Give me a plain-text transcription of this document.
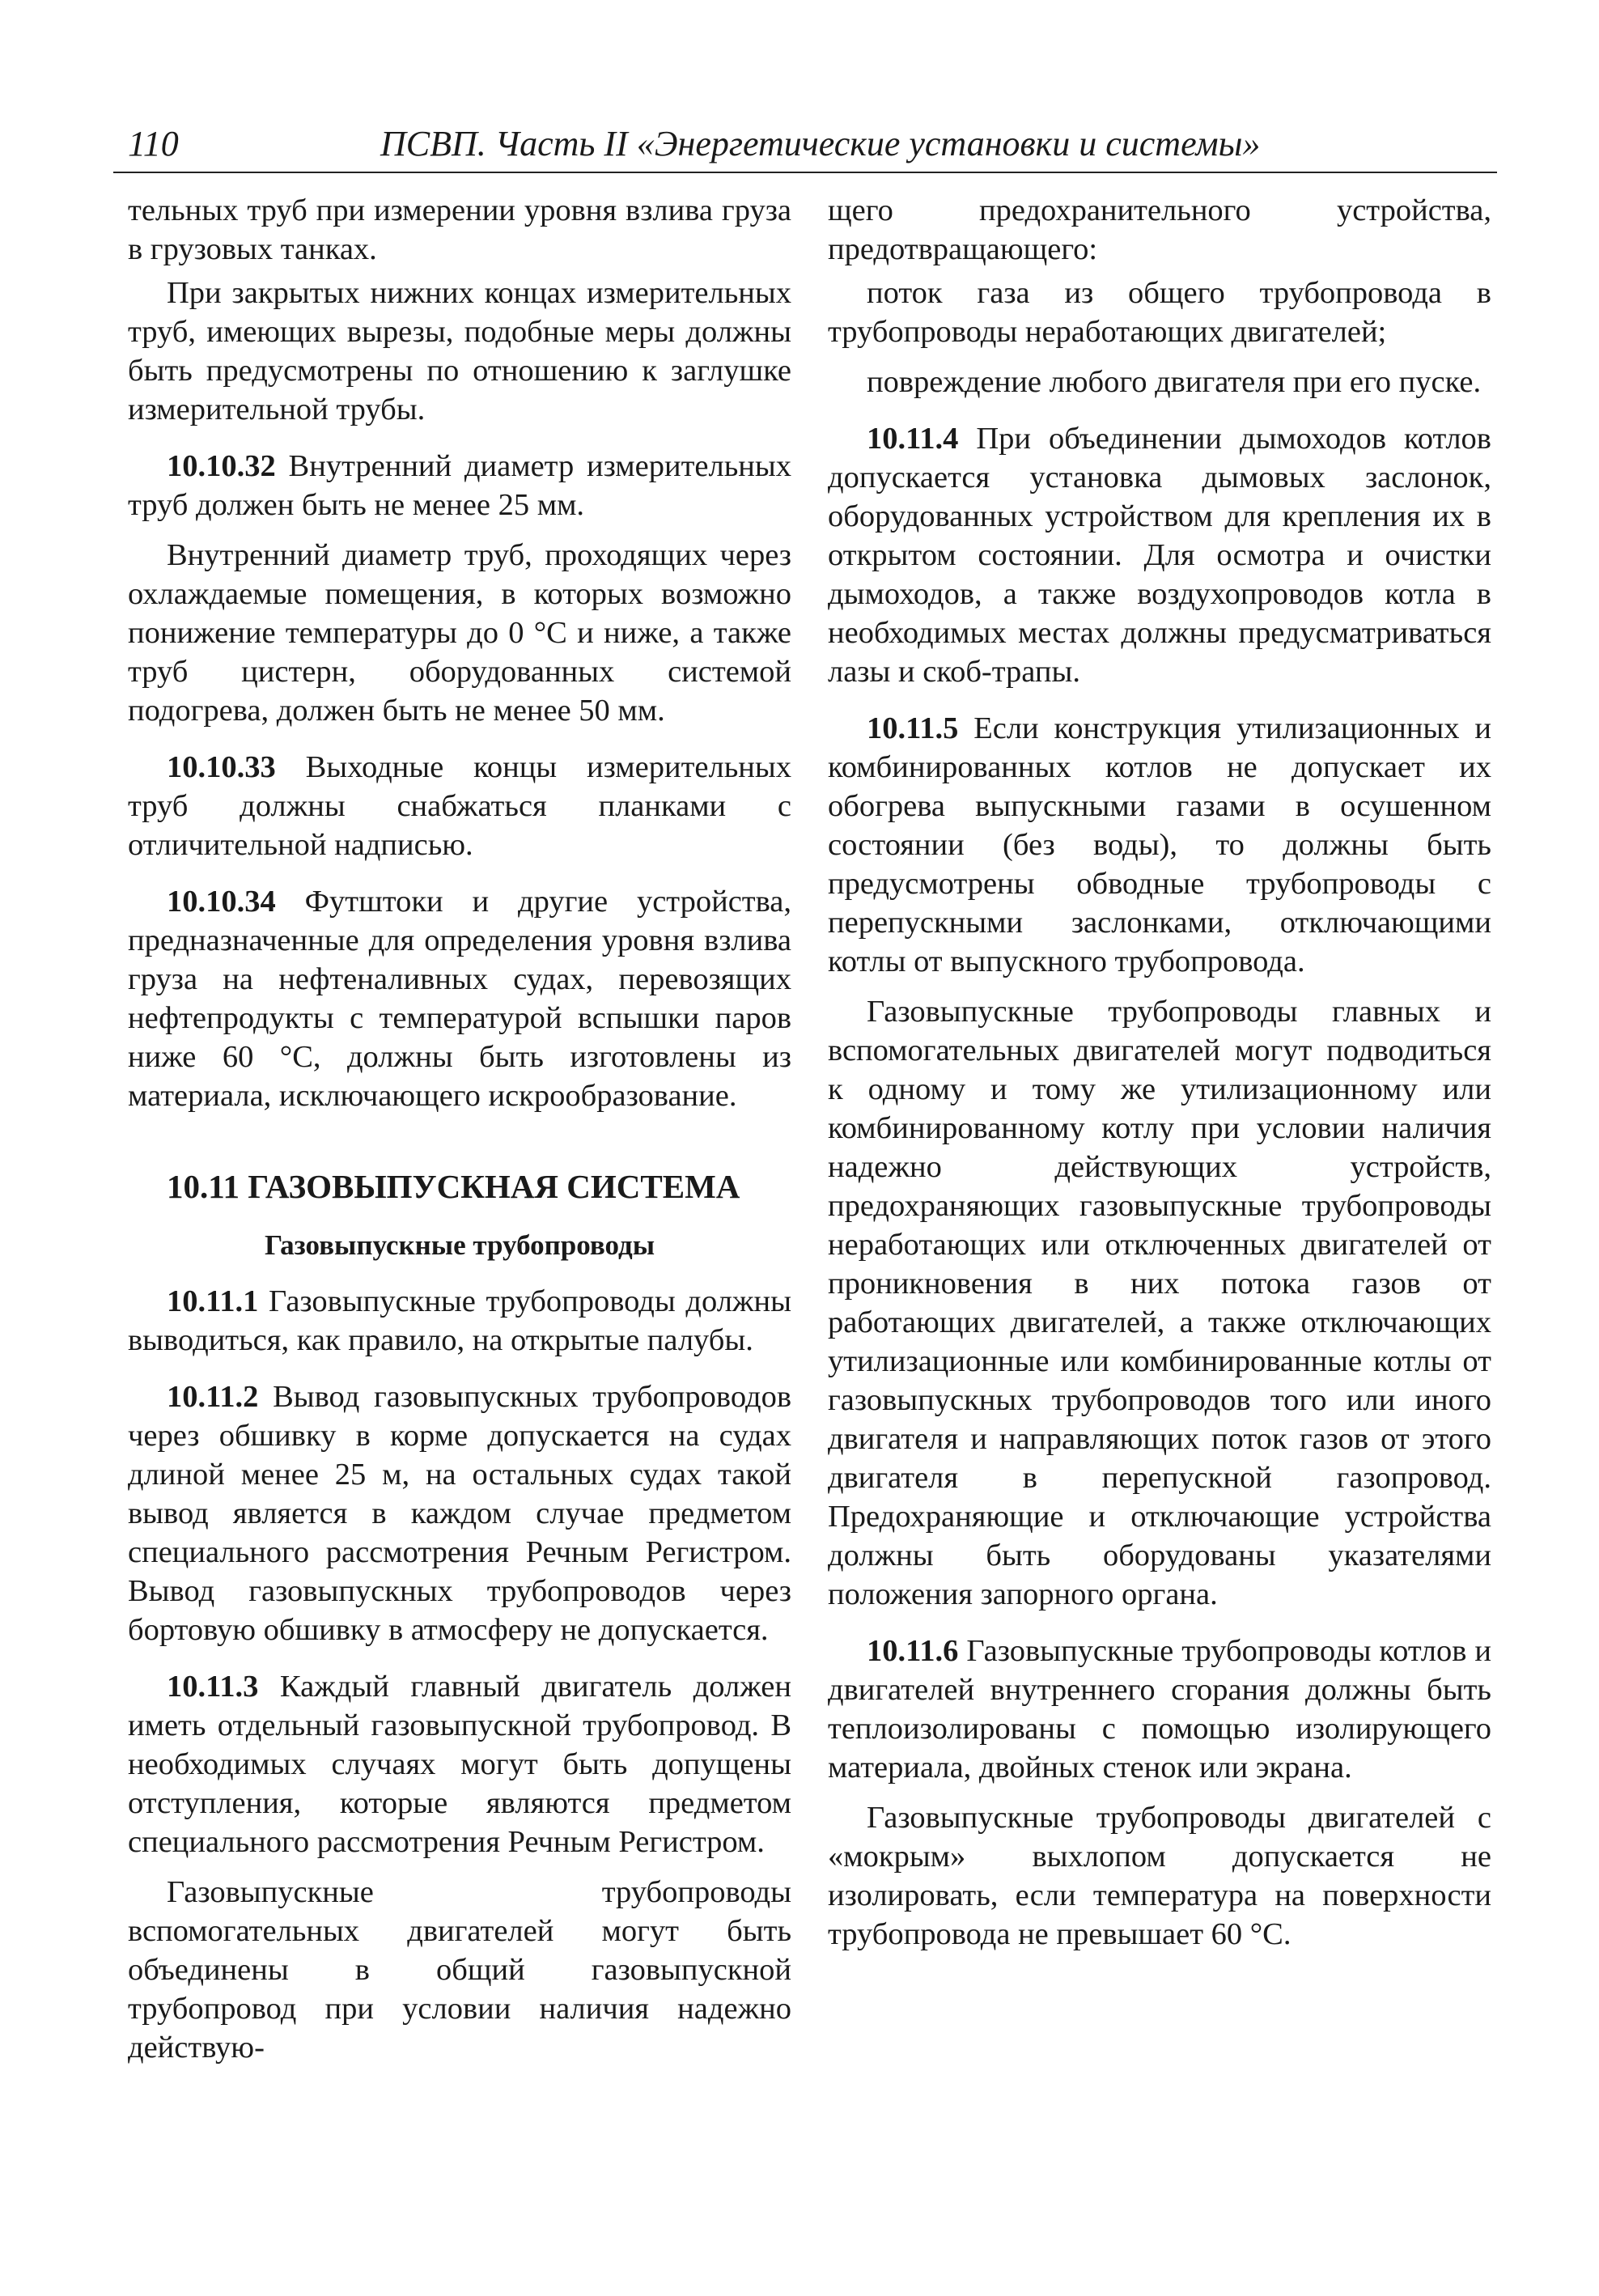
110	ПСВП. Часть II «Энергетические установки и системы»

тельных труб при измерении уровня взлива груза в грузовых танках.

При закрытых нижних концах измерительных труб, имеющих вырезы, подобные меры должны быть предусмотрены по отношению к заглушке измерительной трубы.

10.10.32 Внутренний диаметр измерительных труб должен быть не менее 25 мм.

Внутренний диаметр труб, проходящих через охлаждаемые помещения, в которых возможно понижение температуры до 0 °C и ниже, а также труб цистерн, оборудованных системой подогрева, должен быть не менее 50 мм.

10.10.33 Выходные концы измерительных труб должны снабжаться планками с отличительной надписью.

10.10.34 Футштоки и другие устройства, предназначенные для определения уровня взлива груза на нефтеналивных судах, перевозящих нефтепродукты с температурой вспышки паров ниже 60 °C, должны быть изготовлены из материала, исключающего искрообразование.

10.11 ГАЗОВЫПУСКНАЯ СИСТЕМА
Газовыпускные трубопроводы

10.11.1 Газовыпускные трубопроводы должны выводиться, как правило, на открытые палубы.

10.11.2 Вывод газовыпускных трубопроводов через обшивку в корме допускается на судах длиной менее 25 м, на остальных судах такой вывод является в каждом случае предметом специального рассмотрения Речным Регистром. Вывод газовыпускных трубопроводов через бортовую обшивку в атмосферу не допускается.

10.11.3 Каждый главный двигатель должен иметь отдельный газовыпускной трубопровод. В необходимых случаях могут быть допущены отступления, которые являются предметом специального рассмотрения Речным Регистром.

Газовыпускные трубопроводы вспомогательных двигателей могут быть объединены в общий газовыпускной трубопровод при условии наличия надежно действую-

щего предохранительного устройства, предотвращающего:

поток газа из общего трубопровода в трубопроводы неработающих двигателей;

повреждение любого двигателя при его пуске.

10.11.4 При объединении дымоходов котлов допускается установка дымовых заслонок, оборудованных устройством для крепления их в открытом состоянии. Для осмотра и очистки дымоходов, а также воздухопроводов котла в необходимых местах должны предусматриваться лазы и скоб-трапы.

10.11.5 Если конструкция утилизационных и комбинированных котлов не допускает их обогрева выпускными газами в осушенном состоянии (без воды), то должны быть предусмотрены обводные трубопроводы с перепускными заслонками, отключающими котлы от выпускного трубопровода.

Газовыпускные трубопроводы главных и вспомогательных двигателей могут подводиться к одному и тому же утилизационному или комбинированному котлу при условии наличия надежно действующих устройств, предохраняющих газовыпускные трубопроводы неработающих или отключенных двигателей от проникновения в них потока газов от работающих двигателей, а также отключающих утилизационные или комбинированные котлы от газовыпускных трубопроводов того или иного двигателя и направляющих поток газов от этого двигателя в перепускной газопровод. Предохраняющие и отключающие устройства должны быть оборудованы указателями положения запорного органа.

10.11.6 Газовыпускные трубопроводы котлов и двигателей внутреннего сгорания должны быть теплоизолированы с помощью изолирующего материала, двойных стенок или экрана.

Газовыпускные трубопроводы двигателей с «мокрым» выхлопом допускается не изолировать, если температура на поверхности трубопровода не превышает 60 °C.
